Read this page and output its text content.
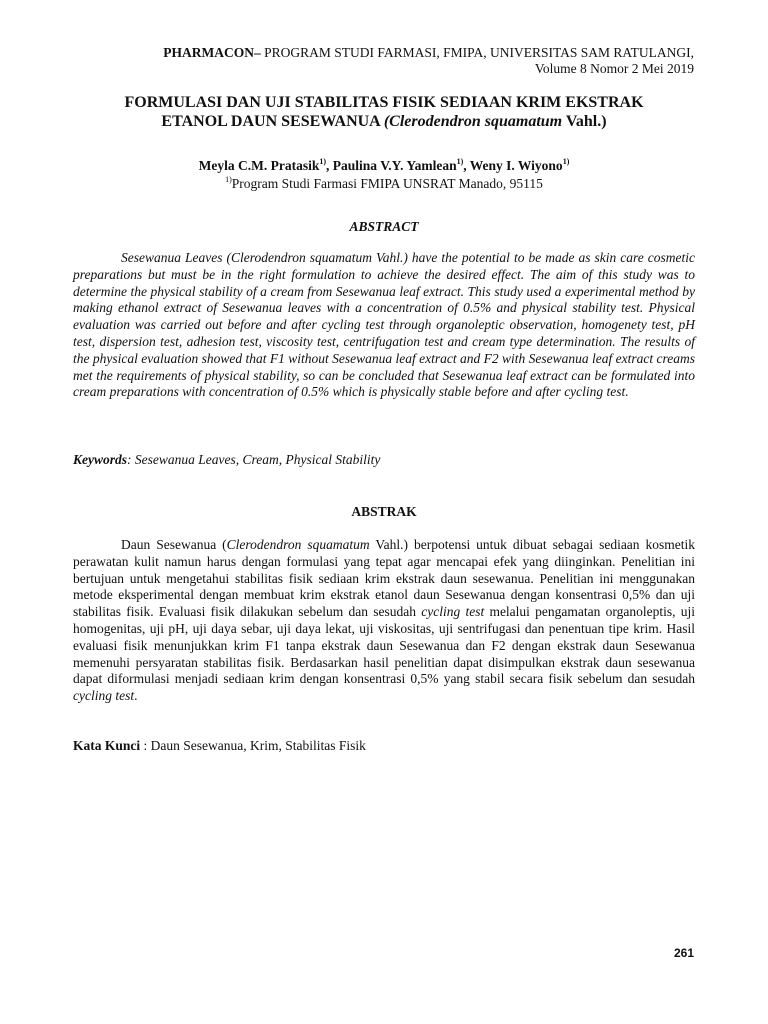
PHARMACON– PROGRAM STUDI FARMASI, FMIPA, UNIVERSITAS SAM RATULANGI,
Volume 8 Nomor 2 Mei 2019
FORMULASI DAN UJI STABILITAS FISIK SEDIAAN KRIM EKSTRAK
ETANOL DAUN SESEWANUA (Clerodendron squamatum Vahl.)
Meyla C.M. Pratasik$^{1)}$, Paulina V.Y. Yamlean$^{1)}$, Weny I. Wiyono$^{1)}$
$^{1)}$Program Studi Farmasi FMIPA UNSRAT Manado, 95115
ABSTRACT
Sesewanua Leaves (Clerodendron squamatum Vahl.) have the potential to be made as skin care cosmetic preparations but must be in the right formulation to achieve the desired effect. The aim of this study was to determine the physical stability of a cream from Sesewanua leaf extract. This study used a experimental method by making ethanol extract of Sesewanua leaves with a concentration of 0.5% and physical stability test. Physical evaluation was carried out before and after cycling test through organoleptic observation, homogenety test, pH test, dispersion test, adhesion test, viscosity test, centrifugation test and cream type determination. The results of the physical evaluation showed that F1 without Sesewanua leaf extract and F2 with Sesewanua leaf extract creams met the requirements of physical stability, so can be concluded that Sesewanua leaf extract can be formulated into cream preparations with concentration of 0.5% which is physically stable before and after cycling test.
Keywords: Sesewanua Leaves, Cream, Physical Stability
ABSTRAK
Daun Sesewanua (Clerodendron squamatum Vahl.) berpotensi untuk dibuat sebagai sediaan kosmetik perawatan kulit namun harus dengan formulasi yang tepat agar mencapai efek yang diinginkan. Penelitian ini bertujuan untuk mengetahui stabilitas fisik sediaan krim ekstrak daun sesewanua. Penelitian ini menggunakan metode eksperimental dengan membuat krim ekstrak etanol daun Sesewanua dengan konsentrasi 0,5% dan uji stabilitas fisik. Evaluasi fisik dilakukan sebelum dan sesudah cycling test melalui pengamatan organoleptis, uji homogenitas, uji pH, uji daya sebar, uji daya lekat, uji viskositas, uji sentrifugasi dan penentuan tipe krim. Hasil evaluasi fisik menunjukkan krim F1 tanpa ekstrak daun Sesewanua dan F2 dengan ekstrak daun Sesewanua memenuhi persyaratan stabilitas fisik. Berdasarkan hasil penelitian dapat disimpulkan ekstrak daun sesewanua dapat diformulasi menjadi sediaan krim dengan konsentrasi 0,5% yang stabil secara fisik sebelum dan sesudah cycling test.
Kata Kunci : Daun Sesewanua, Krim, Stabilitas Fisik
261
